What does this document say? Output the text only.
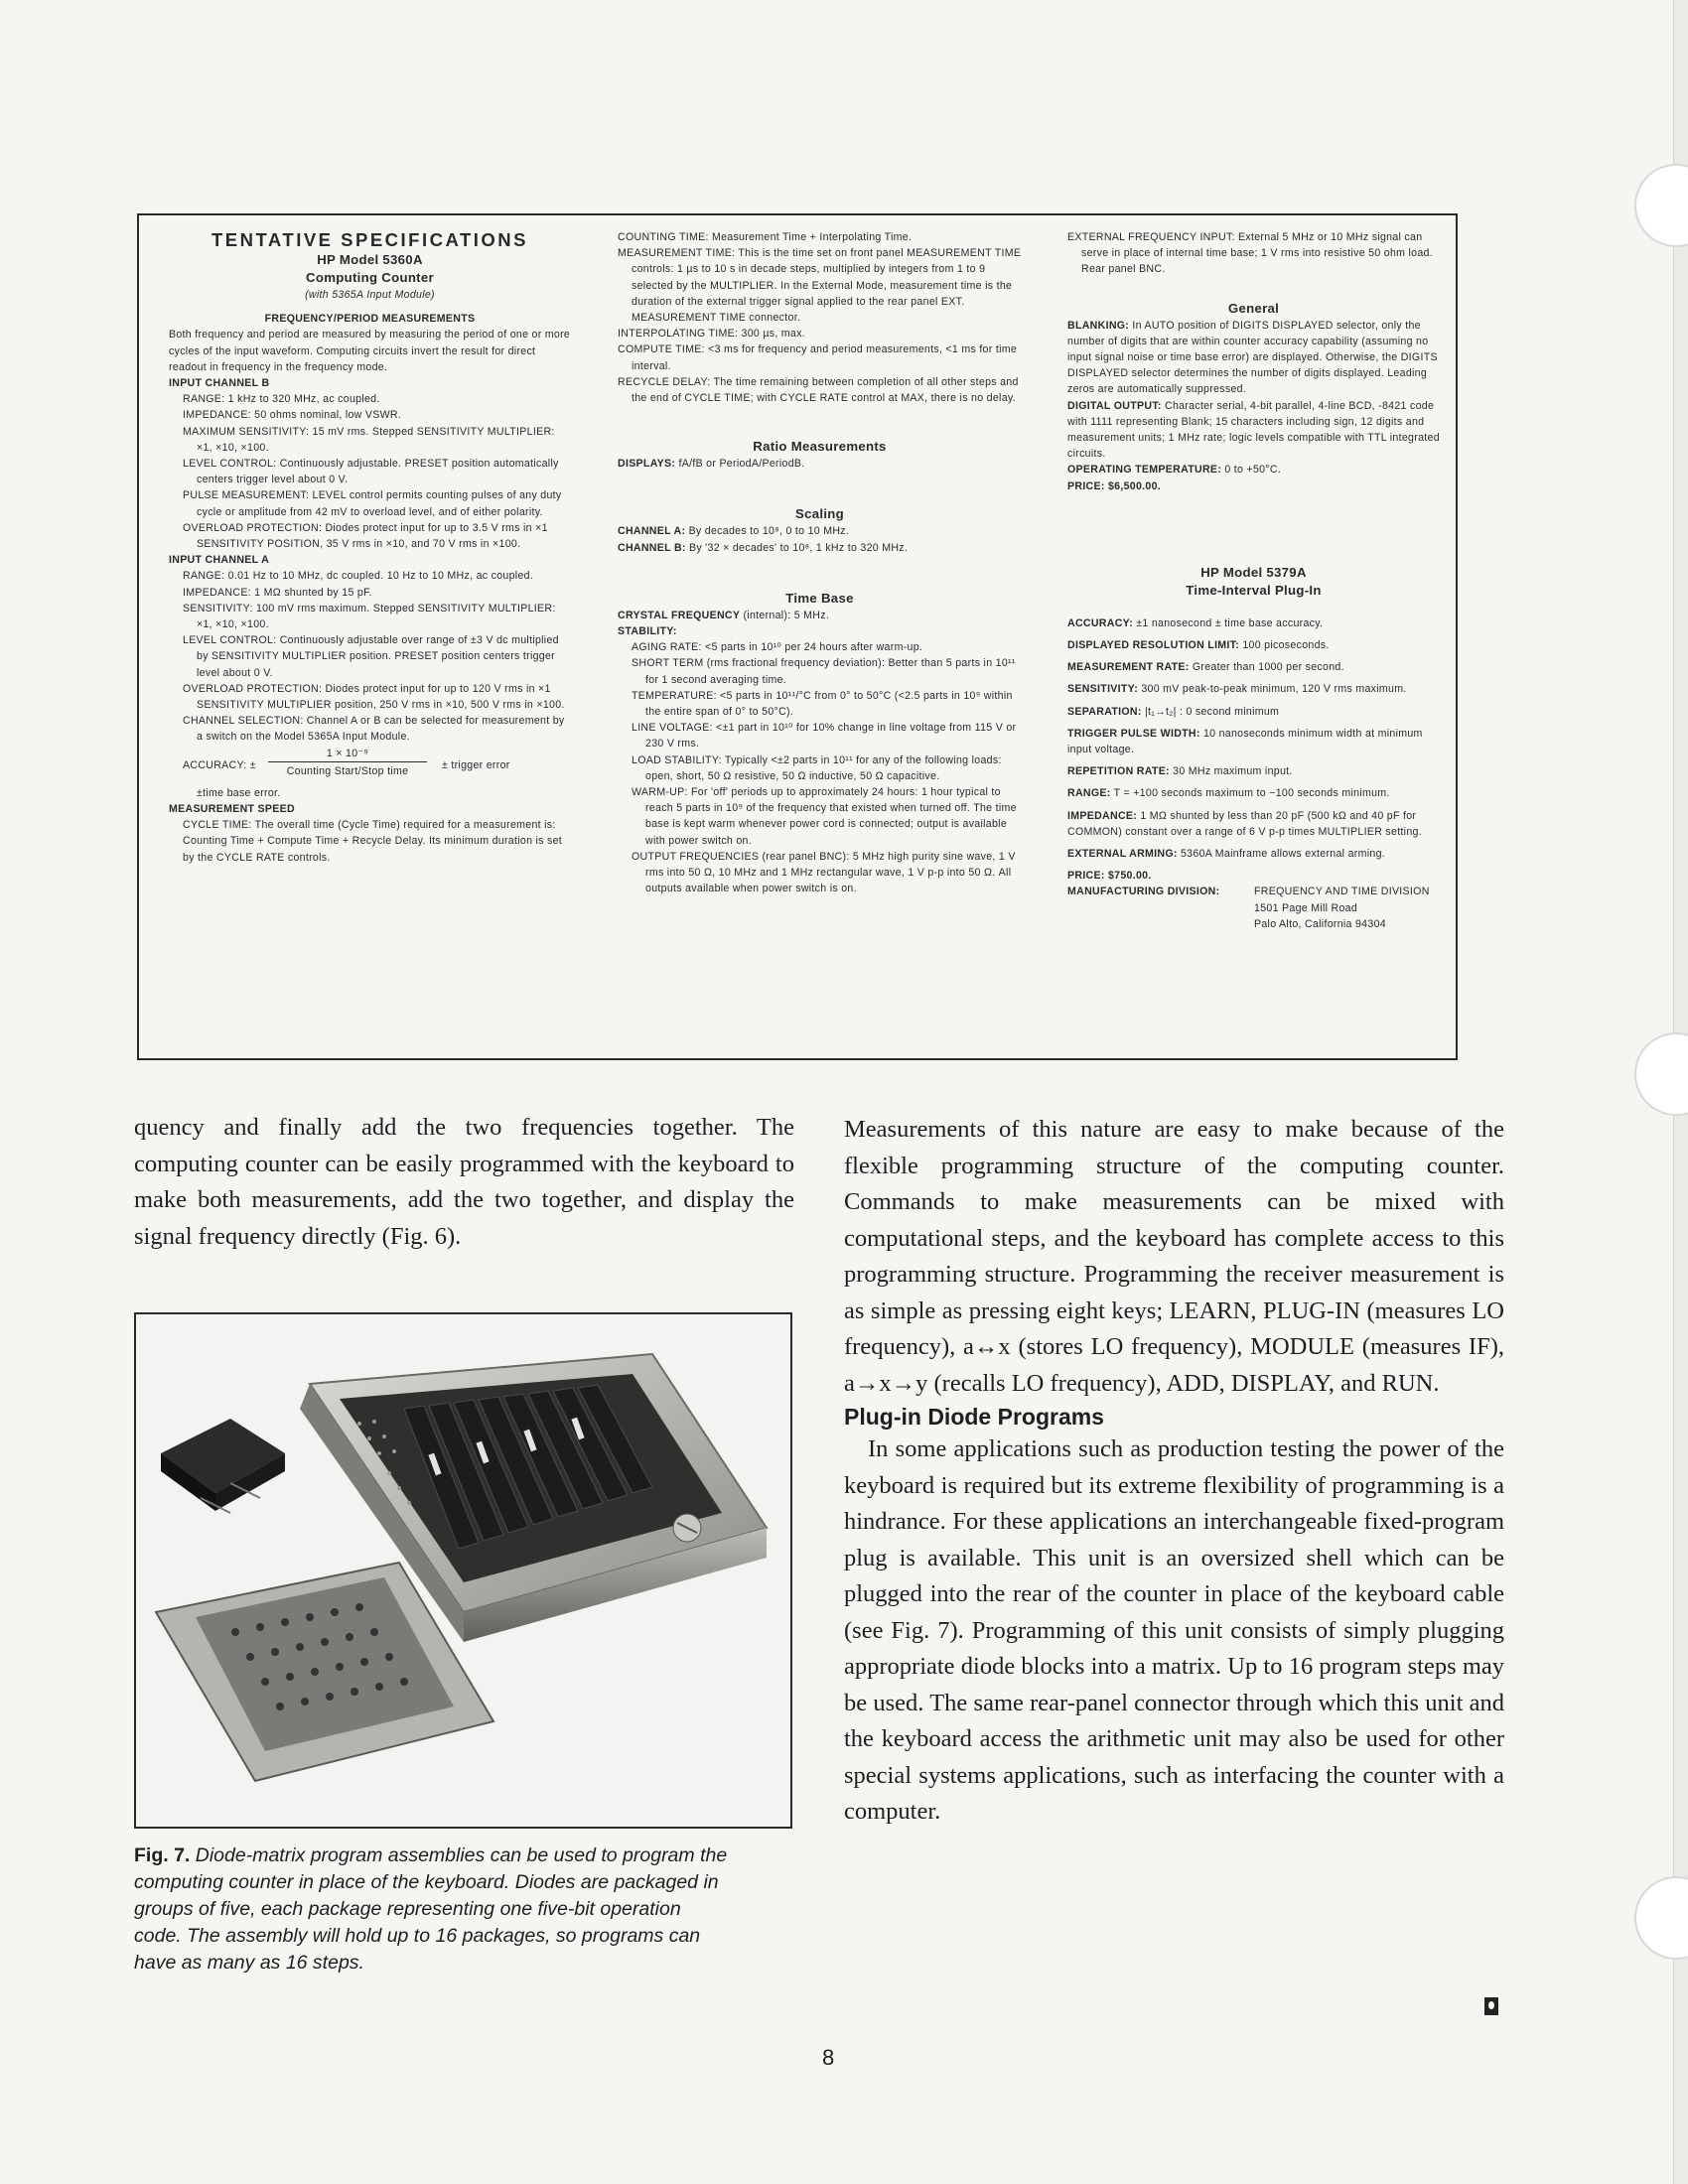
TENTATIVE SPECIFICATIONS

HP Model 5360A

Computing Counter

(with 5365A Input Module)

FREQUENCY/PERIOD MEASUREMENTS

Both frequency and period are measured by measuring the period of one or more cycles of the input waveform. Computing circuits invert the result for direct readout in frequency in the frequency mode.

INPUT CHANNEL B

RANGE: 1 kHz to 320 MHz, ac coupled.

IMPEDANCE: 50 ohms nominal, low VSWR.

MAXIMUM SENSITIVITY: 15 mV rms. Stepped SENSITIVITY MULTIPLIER: ×1, ×10, ×100.

LEVEL CONTROL: Continuously adjustable. PRESET position automatically centers trigger level about 0 V.

PULSE MEASUREMENT: LEVEL control permits counting pulses of any duty cycle or amplitude from 42 mV to overload level, and of either polarity.

OVERLOAD PROTECTION: Diodes protect input for up to 3.5 V rms in ×1 SENSITIVITY POSITION, 35 V rms in ×10, and 70 V rms in ×100.

INPUT CHANNEL A

RANGE: 0.01 Hz to 10 MHz, dc coupled. 10 Hz to 10 MHz, ac coupled.

IMPEDANCE: 1 MΩ shunted by 15 pF.

SENSITIVITY: 100 mV rms maximum. Stepped SENSITIVITY MULTIPLIER: ×1, ×10, ×100.

LEVEL CONTROL: Continuously adjustable over range of ±3 V dc multiplied by SENSITIVITY MULTIPLIER position. PRESET position centers trigger level about 0 V.

OVERLOAD PROTECTION: Diodes protect input for up to 120 V rms in ×1 SENSITIVITY MULTIPLIER position, 250 V rms in ×10, 500 V rms in ×100.

CHANNEL SELECTION: Channel A or B can be selected for measurement by a switch on the Model 5365A Input Module.

ACCURACY: ±
1 × 10⁻⁹
Counting Start/Stop time	± trigger error

±time base error.

MEASUREMENT SPEED

CYCLE TIME: The overall time (Cycle Time) required for a measurement is: Counting Time + Compute Time + Recycle Delay. Its minimum duration is set by the CYCLE RATE controls.

COUNTING TIME: Measurement Time + Interpolating Time.

MEASUREMENT TIME: This is the time set on front panel MEASUREMENT TIME controls: 1 µs to 10 s in decade steps, multiplied by integers from 1 to 9 selected by the MULTIPLIER. In the External Mode, measurement time is the duration of the external trigger signal applied to the rear panel EXT. MEASUREMENT TIME connector.

INTERPOLATING TIME: 300 µs, max.

COMPUTE TIME: <3 ms for frequency and period measurements, <1 ms for time interval.

RECYCLE DELAY: The time remaining between completion of all other steps and the end of CYCLE TIME; with CYCLE RATE control at MAX, there is no delay.

Ratio Measurements

DISPLAYS: fA/fB or PeriodA/PeriodB.

Scaling

CHANNEL A: By decades to 10⁸, 0 to 10 MHz.

CHANNEL B: By '32 × decades' to 10⁸, 1 kHz to 320 MHz.

Time Base

CRYSTAL FREQUENCY (internal): 5 MHz.

STABILITY:

AGING RATE: <5 parts in 10¹⁰ per 24 hours after warm-up.

SHORT TERM (rms fractional frequency deviation): Better than 5 parts in 10¹¹ for 1 second averaging time.

TEMPERATURE: <5 parts in 10¹¹/°C from 0° to 50°C (<2.5 parts in 10⁹ within the entire span of 0° to 50°C).

LINE VOLTAGE: <±1 part in 10¹⁰ for 10% change in line voltage from 115 V or 230 V rms.

LOAD STABILITY: Typically <±2 parts in 10¹¹ for any of the following loads: open, short, 50 Ω resistive, 50 Ω inductive, 50 Ω capacitive.

WARM-UP: For 'off' periods up to approximately 24 hours: 1 hour typical to reach 5 parts in 10⁹ of the frequency that existed when turned off. The time base is kept warm whenever power cord is connected; output is available with power switch on.

OUTPUT FREQUENCIES (rear panel BNC): 5 MHz high purity sine wave, 1 V rms into 50 Ω, 10 MHz and 1 MHz rectangular wave, 1 V p-p into 50 Ω. All outputs available when power switch is on.

EXTERNAL FREQUENCY INPUT: External 5 MHz or 10 MHz signal can serve in place of internal time base; 1 V rms into resistive 50 ohm load. Rear panel BNC.

General

BLANKING: In AUTO position of DIGITS DISPLAYED selector, only the number of digits that are within counter accuracy capability (assuming no input signal noise or time base error) are displayed. Otherwise, the DIGITS DISPLAYED selector determines the number of digits displayed. Leading zeros are automatically suppressed.

DIGITAL OUTPUT: Character serial, 4-bit parallel, 4-line BCD, -8421 code with 1111 representing Blank; 15 characters including sign, 12 digits and measurement units; 1 MHz rate; logic levels compatible with TTL integrated circuits.

OPERATING TEMPERATURE: 0 to +50°C.

PRICE: $6,500.00.

HP Model 5379A

Time-Interval Plug-In

ACCURACY: ±1 nanosecond ± time base accuracy.

DISPLAYED RESOLUTION LIMIT: 100 picoseconds.

MEASUREMENT RATE: Greater than 1000 per second.

SENSITIVITY: 300 mV peak-to-peak minimum, 120 V rms maximum.

SEPARATION: |t₁→t₂| : 0 second minimum

TRIGGER PULSE WIDTH: 10 nanoseconds minimum width at minimum input voltage.

REPETITION RATE: 30 MHz maximum input.

RANGE: T = +100 seconds maximum to −100 seconds minimum.

IMPEDANCE: 1 MΩ shunted by less than 20 pF (500 kΩ and 40 pF for COMMON) constant over a range of 6 V p-p times MULTIPLIER setting.

EXTERNAL ARMING: 5360A Mainframe allows external arming.

PRICE: $750.00.

MANUFACTURING DIVISION:	FREQUENCY AND TIME DIVISION
1501 Page Mill Road
Palo Alto, California 94304

quency and finally add the two frequencies together. The computing counter can be easily programmed with the keyboard to make both measurements, add the two together, and display the signal frequency directly (Fig. 6).

Fig. 7. Diode-matrix program assemblies can be used to program the computing counter in place of the keyboard. Diodes are packaged in groups of five, each package representing one five-bit operation code. The assembly will hold up to 16 packages, so programs can have as many as 16 steps.

Measurements of this nature are easy to make because of the flexible programming structure of the computing counter. Commands to make measurements can be mixed with computational steps, and the keyboard has complete access to this programming structure. Programming the receiver measurement is as simple as pressing eight keys; LEARN, PLUG-IN (measures LO frequency), a↔x (stores LO frequency), MODULE (measures IF), a→x→y (recalls LO frequency), ADD, DISPLAY, and RUN.

Plug-in Diode Programs

In some applications such as production testing the power of the keyboard is required but its extreme flexibility of programming is a hindrance. For these applications an interchangeable fixed-program plug is available. This unit is an oversized shell which can be plugged into the rear of the counter in place of the keyboard cable (see Fig. 7). Programming of this unit consists of simply plugging appropriate diode blocks into a matrix. Up to 16 program steps may be used. The same rear-panel connector through which this unit and the keyboard access the arithmetic unit may also be used for other special systems applications, such as interfacing the counter with a computer.

8
